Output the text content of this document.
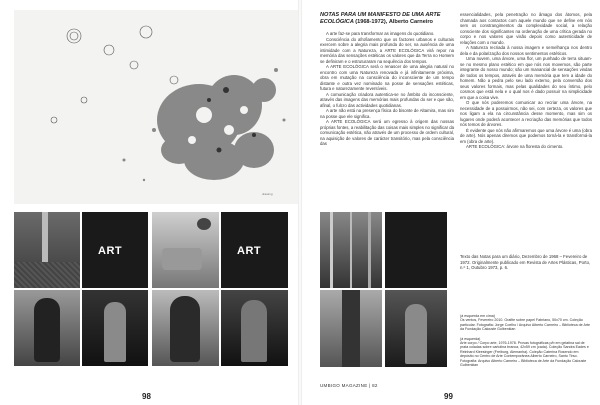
drawing
ART	ART
98
NOTAS PARA UM MANIFESTO DE UMA ARTE ECOLÓGICA (1968-1972), Alberto Carneiro

A arte faz-se para transformar as imagens do quotidiano.

Consciência do afrofiamento que os factores urbanos e culturais exercem sobre a alegria mais profunda do ser, na ausência de uma intimidade com a Natureza, a ARTE ECOLÓGICA virá repor na memória das sensações estéticas os valores que da Terra no Homem se definiram e o estruturaram na sequência dos tempos.

A ARTE ECOLÓGICA será o renascer de uma alegria natural no encontro com uma Natureza renovada e já infinitamente próxima, obra em mutação na consciência do inconsciente de um tempo distante e outra vez nominado na posse de sensações estéticas, futura e naturezamente reversíveis.

A comunicação criadora autentica-se no âmbito do inconsciente, através das imagens das memórias mais profundas do ser e que são, afinal, o fulcro das actividades quotidianas.

A arte não está na presença física do bisonte de Altamira, mas sim na posse que ele significa.

A ARTE ECOLÓGICA será um egresso à origem das nossas próprias fontes, a reabilitação das coisas mais simples no significar da comunicação estética, não através de um processo de ordem cultural, na aquisição de valores de carácter transitório, mas pela consciência das

essencialidades, pela penetração no âmago dos átomos, pela chamada aos contactos com aquele mundo que se define em nós sem os constrangimentos da complexidade social, a relação consciente dos significantes na ordenação de uma crítica gerada no corpo e nos valores que visão depois como autenticidade de relações com o mundo.

A Natureza recriada à nossa imagem e semelhança nos dentro dela e da polarização dos nossos sentimentos estéticos.

Uma nuvem, uma árvore, uma flor, um punhado de terra situam-se no mesmo plano estético em que nós nos movemos, são parte integrante do nosso mundo; são um manancial de sensações vindas de todos os tempos, através de uma memória que tem a idade do homem. Não a pedra pelo seu lado externo, pela conversão dos seus valores formais, mas pelas qualidades do seu íntimo, pelo cosmos que está nela e o qual nos é dado possuir na simplicidade em que a coisa vive.

O que nós poderemos comunicar ao recriar uma árvore, na necessidade de a possuirmos, não sei, com certeza, os valores que nos ligam a ela na circunstância desse momento, mas sim os lugares onde poderá acontecer a recriação das memórias que todos nós temos de árvores.

É evidente que nós não afirmaremos que uma árvore é uma (obra de arte). Nós apenas diremos que podemos torná-la e transformá-la em (obra de arte).

ARTE ECOLÓGICA: árvore na floresta do cimento.

Texto das Notas para um diário, Dezembro de 1968 – Fevereiro de 1972. Originalmente publicado em Revista de Artes Plásticas, Porto, n.º 1, Outubro 1973, p. 6.
(à esquerda em cima)
Os ventos, Fevereiro 2010. Grafite sobre papel Fabriano, 50x70 cm. Coleção particular. Fotografia: Jorge Coelho / Arquivo Alberto Carneiro – Biblioteca de Arte da Fundação Calouste Gulbenkian
(à esquerda)
Arte corpo / Corpo arte, 1976-1978. Provas fotográficas p/b em gelatina sal de prata coladas sobre cartolina branca, 42x59 cm (cada). Coleção Sandra Eades e Reinhard Kleesinger (Freiburg, Alemanha). Coleção Caterina Rosendo em depósito no Centro de Arte Contemporânea Alberto Carneiro, Santo Tirso. Fotografia: Arquivo Alberto Carneiro – Biblioteca de Arte da Fundação Calouste Gulbenkian
UMBIGO MAGAZINE | 82
99
